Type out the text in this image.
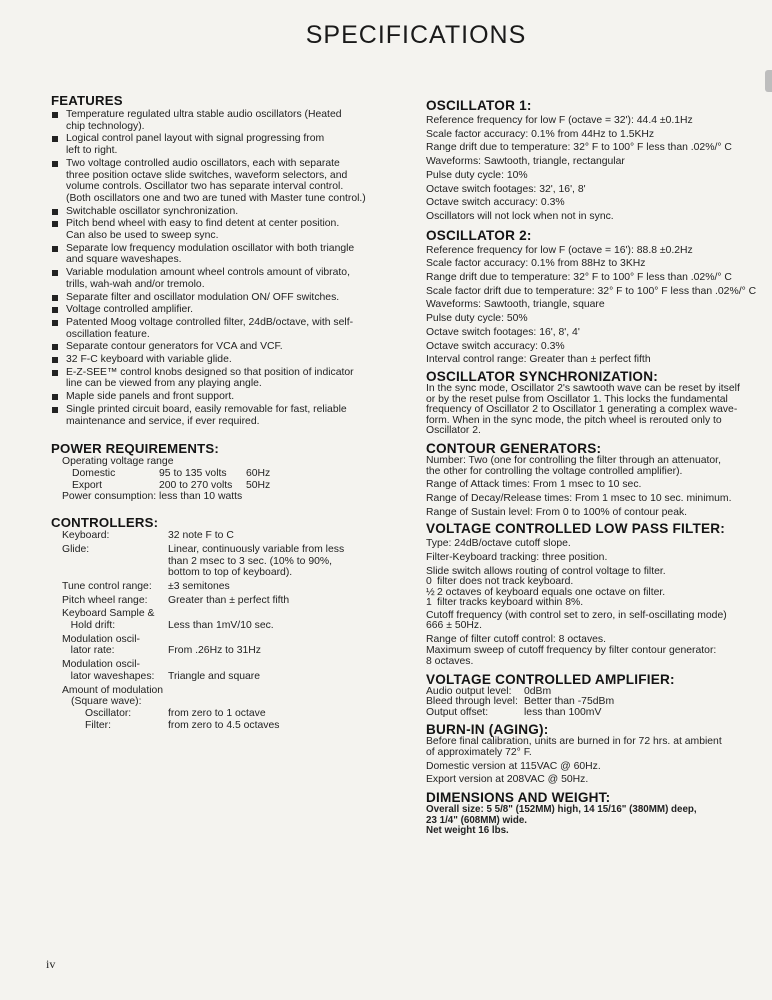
SPECIFICATIONS
FEATURES
Temperature regulated ultra stable audio oscillators (Heated
chip technology).
Logical control panel layout with signal progressing from
left to right.
Two voltage controlled audio oscillators, each with separate
three position octave slide switches, waveform selectors, and
volume controls. Oscillator two has separate interval control.
(Both oscillators one and two are tuned with Master tune control.)
Switchable oscillator synchronization.
Pitch bend wheel with easy to find detent at center position.
Can also be used to sweep sync.
Separate low frequency modulation oscillator with both triangle
and square waveshapes.
Variable modulation amount wheel controls amount of vibrato,
trills, wah-wah and/or tremolo.
Separate filter and oscillator modulation ON/ OFF switches.
Voltage controlled amplifier.
Patented Moog voltage controlled filter, 24dB/octave, with self-
oscillation feature.
Separate contour generators for VCA and VCF.
32 F-C keyboard with variable glide.
E-Z-SEE™ control knobs designed so that position of indicator
line can be viewed from any playing angle.
Maple side panels and front support.
Single printed circuit board, easily removable for fast, reliable
maintenance and service, if ever required.
POWER REQUIREMENTS:
Operating voltage range
Domestic	95 to 135 volts	60Hz
Export	200 to 270 volts	50Hz
Power consumption: less than 10 watts
CONTROLLERS:
Keyboard:	32 note F to C
Glide:	Linear, continuously variable from less
than 2 msec to 3 sec. (10% to 90%,
bottom to top of keyboard).
Tune control range:	±3 semitones
Pitch wheel range:	Greater than ± perfect fifth
Keyboard Sample &
Hold drift:
	Less than 1mV/10 sec.
Modulation oscil-
lator rate:
	From .26Hz to 31Hz
Modulation oscil-
lator waveshapes:
	Triangle and square
Amount of modulation
(Square wave):
Oscillator:	from zero to 1 octave
Filter:	from zero to 4.5 octaves
OSCILLATOR 1:
Reference frequency for low F (octave = 32'): 44.4 ±0.1Hz
Scale factor accuracy: 0.1% from 44Hz to 1.5KHz
Range drift due to temperature: 32° F to 100° F less than .02%/° C
Waveforms: Sawtooth, triangle, rectangular
Pulse duty cycle: 10%
Octave switch footages: 32', 16', 8'
Octave switch accuracy: 0.3%
Oscillators will not lock when not in sync.
OSCILLATOR 2:
Reference frequency for low F (octave = 16'): 88.8 ±0.2Hz
Scale factor accuracy: 0.1% from 88Hz to 3KHz
Range drift due to temperature: 32° F to 100° F less than .02%/° C
Scale factor drift due to temperature: 32° F to 100° F less than .02%/° C
Waveforms: Sawtooth, triangle, square
Pulse duty cycle: 50%
Octave switch footages: 16', 8', 4'
Octave switch accuracy: 0.3%
Interval control range: Greater than ± perfect fifth
OSCILLATOR SYNCHRONIZATION:
In the sync mode, Oscillator 2's sawtooth wave can be reset by itself
or by the reset pulse from Oscillator 1. This locks the fundamental
frequency of Oscillator 2 to Oscillator 1 generating a complex wave-
form. When in the sync mode, the pitch wheel is rerouted only to
Oscillator 2.
CONTOUR GENERATORS:
Number: Two (one for controlling the filter through an attenuator,
the other for controlling the voltage controlled amplifier).
Range of Attack times: From 1 msec to 10 sec.
Range of Decay/Release times: From 1 msec to 10 sec. minimum.
Range of Sustain level: From 0 to 100% of contour peak.
VOLTAGE CONTROLLED LOW PASS FILTER:
Type: 24dB/octave cutoff slope.
Filter-Keyboard tracking: three position.
Slide switch allows routing of control voltage to filter.
0 filter does not track keyboard.
½ 2 octaves of keyboard equals one octave on filter.
1 filter tracks keyboard within 8%.
Cutoff frequency (with control set to zero, in self-oscillating mode)
666 ± 50Hz.
Range of filter cutoff control: 8 octaves.
Maximum sweep of cutoff frequency by filter contour generator:
8 octaves.
VOLTAGE CONTROLLED AMPLIFIER:
Audio output level:	0dBm
Bleed through level: Better than -75dBm
Output offset:	less than 100mV
BURN-IN (AGING):
Before final calibration, units are burned in for 72 hrs. at ambient
of approximately 72° F.
Domestic version at 115VAC @ 60Hz.
Export version at 208VAC @ 50Hz.
DIMENSIONS AND WEIGHT:
Overall size: 5 5/8" (152MM) high, 14 15/16" (380MM) deep,
23 1/4" (608MM) wide.
Net weight 16 lbs.
iv
